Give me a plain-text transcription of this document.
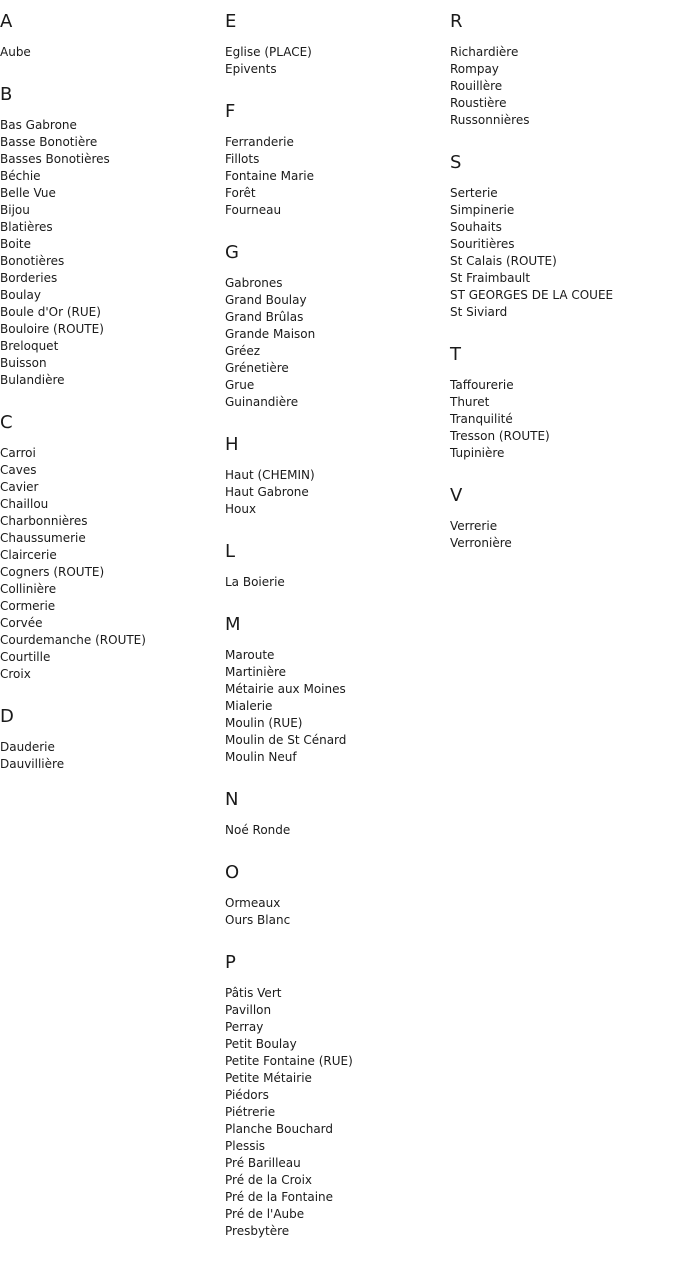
A
Aube
B
Bas Gabrone
Basse Bonotière
Basses Bonotières
Béchie
Belle Vue
Bijou
Blatières
Boite
Bonotières
Borderies
Boulay
Boule d'Or (RUE)
Bouloire (ROUTE)
Breloquet
Buisson
Bulandière
C
Carroi
Caves
Cavier
Chaillou
Charbonnières
Chaussumerie
Claircerie
Cogners (ROUTE)
Collinière
Cormerie
Corvée
Courdemanche (ROUTE)
Courtille
Croix
D
Dauderie
Dauvillière
E
Eglise (PLACE)
Epivents
F
Ferranderie
Fillots
Fontaine Marie
Forêt
Fourneau
G
Gabrones
Grand Boulay
Grand Brûlas
Grande Maison
Gréez
Grénetière
Grue
Guinandière
H
Haut (CHEMIN)
Haut Gabrone
Houx
L
La Boierie
M
Maroute
Martinière
Métairie aux Moines
Mialerie
Moulin (RUE)
Moulin de St Cénard
Moulin Neuf
N
Noé Ronde
O
Ormeaux
Ours Blanc
P
Pâtis Vert
Pavillon
Perray
Petit Boulay
Petite Fontaine (RUE)
Petite Métairie
Piédors
Piétrerie
Planche Bouchard
Plessis
Pré Barilleau
Pré de la Croix
Pré de la Fontaine
Pré de l'Aube
Presbytère
R
Richardière
Rompay
Rouillère
Roustière
Russonnières
S
Serterie
Simpinerie
Souhaits
Souritières
St Calais (ROUTE)
St Fraimbault
ST GEORGES DE LA COUEE
St Siviard
T
Taffourerie
Thuret
Tranquilité
Tresson (ROUTE)
Tupinière
V
Verrerie
Verronière
